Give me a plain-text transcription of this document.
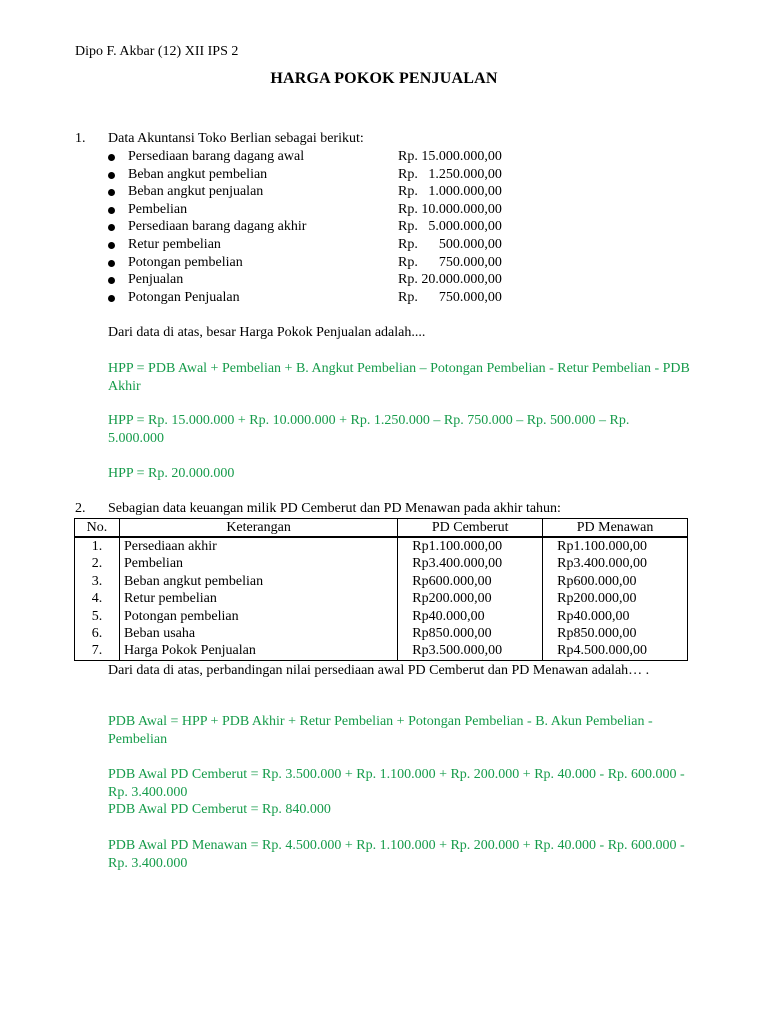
Dipo F. Akbar (12) XII IPS 2
HARGA POKOK PENJUALAN
1. Data Akuntansi Toko Berlian sebagai berikut:
Persediaan barang dagang awal	Rp. 15.000.000,00
Beban angkut pembelian	Rp.   1.250.000,00
Beban angkut penjualan	Rp.   1.000.000,00
Pembelian	Rp. 10.000.000,00
Persediaan barang dagang akhir	Rp.   5.000.000,00
Retur pembelian	Rp.      500.000,00
Potongan pembelian	Rp.      750.000,00
Penjualan	Rp. 20.000.000,00
Potongan Penjualan	Rp.      750.000,00
Dari data di atas, besar Harga Pokok Penjualan adalah....
HPP = PDB Awal + Pembelian + B. Angkut Pembelian – Potongan Pembelian - Retur Pembelian - PDB Akhir
HPP = Rp. 15.000.000 + Rp. 10.000.000 + Rp. 1.250.000 – Rp. 750.000 – Rp. 500.000 – Rp. 5.000.000
HPP = Rp. 20.000.000
2. Sebagian data keuangan milik PD Cemberut dan PD Menawan pada akhir tahun:
No.	Keterangan	PD Cemberut	PD Menawan
1.	Persediaan akhir	Rp1.100.000,00	Rp1.100.000,00
2.	Pembelian	Rp3.400.000,00	Rp3.400.000,00
3.	Beban angkut pembelian	Rp600.000,00	Rp600.000,00
4.	Retur pembelian	Rp200.000,00	Rp200.000,00
5.	Potongan pembelian	Rp40.000,00	Rp40.000,00
6.	Beban usaha	Rp850.000,00	Rp850.000,00
7.	Harga Pokok Penjualan	Rp3.500.000,00	Rp4.500.000,00
Dari data di atas, perbandingan nilai persediaan awal PD Cemberut dan PD Menawan adalah… .
PDB Awal = HPP + PDB Akhir + Retur Pembelian + Potongan Pembelian - B. Akun Pembelian - Pembelian
PDB Awal PD Cemberut = Rp. 3.500.000 + Rp. 1.100.000 + Rp. 200.000 + Rp. 40.000 - Rp. 600.000 - Rp. 3.400.000
PDB Awal PD Cemberut = Rp. 840.000
PDB Awal PD Menawan = Rp. 4.500.000 + Rp. 1.100.000 + Rp. 200.000 + Rp. 40.000 - Rp. 600.000 - Rp. 3.400.000
